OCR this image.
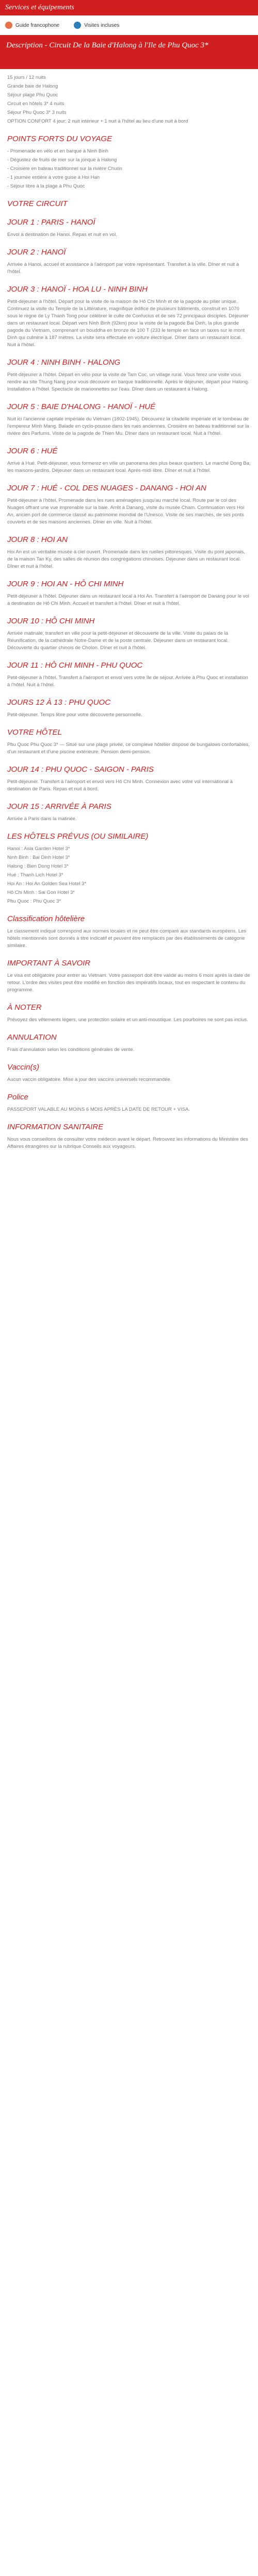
Services et équipements
Guide francophone	Visites incluses

Description - Circuit De la Baie d'Halong à l'Ile de Phu Quoc 3*

15 jours / 12 nuits

Grande baie de Halong

Séjour plage Phu Quoc

Circuit en hôtels 3* 4 nuits

Séjour Phu Quoc 3* 3 nuits

OPTION CONFORT 4 jour: 2 nuit intérieur + 1 nuit à l'hôtel au lieu d'une nuit à bord

POINTS FORTS DU VOYAGE

- Promenade en vélo et en barque à Ninh Binh

- Dégustez de fruits de mer sur la jonque à Halong

- Croisière en bateau traditionnel sur la rivière Chuon

- 1 journée entière à votre guise à Hoi Han

- Séjour libre à la plage à Phu Quoc

VOTRE CIRCUIT
JOUR 1 : PARIS - HANOÏ

Envol à destination de Hanoi. Repas et nuit en vol.

JOUR 2 : HANOÏ

Arrivée à Hanoi, accueil et assistance à l'aéroport par votre représentant. Transfert à la ville. Dîner et nuit à l'hôtel.

JOUR 3 : HANOÏ - HOA LU - NINH BINH

Petit-déjeuner à l'hôtel. Départ pour la visite de la maison de Hô Chi Minh et de la pagode au pilier unique. Continuez la visite du Temple de la Littérature, magnifique édifice de plusieurs bâtiments, construit en 1070 sous le règne de Ly Thanh Tong pour célébrer le culte de Confucius et de ses 72 principaux disciples. Déjeuner dans un restaurant local. Départ vers Ninh Binh (92km) pour la visite de la pagode Bai Dinh, la plus grande pagode du Vietnam, comprenant un bouddha en bronze de 100 T (233 le temple en face un taxes sur le mont Dinh qui culmine à 187 mètres. La visite sera effectuée en voiture électrique. Dîner dans un restaurant local. Nuit à l'hôtel.

JOUR 4 : NINH BINH - HALONG

Petit-déjeuner à l'hôtel. Départ en vélo pour la visite de Tam Coc, un village rural. Vous ferez une visite vous rendre au site Thung Nang pour vous découvrir en barque traditionnelle. Après le déjeuner, départ pour Halong. Installation à l'hôtel. Spectacle de marionnettes sur l'eau. Dîner dans un restaurant à Halong.

JOUR 5 : BAIE D'HALONG - HANOÏ - HUÉ

Nuit ici l'ancienne capitale impériale du Vietnam (1802-1945). Découvrez la citadelle impériale et le tombeau de l'empereur Minh Mang. Balade en cyclo-pousse dans les rues anciennes. Croisière en bateau traditionnel sur la rivière des Parfums. Visite de la pagode de Thien Mu. Dîner dans un restaurant local. Nuit à l'hôtel.

JOUR 6 : HUÉ

Arrivé à Hué. Petit-déjeuner, vous formerez en ville un panorama des plus beaux quartiers. Le marché Dong Ba, les maisons-jardins. Déjeuner dans un restaurant local. Après-midi libre. Dîner et nuit à l'hôtel.

JOUR 7 : HUÉ - COL DES NUAGES - DANANG - HOI AN

Petit-déjeuner à l'hôtel. Promenade dans les rues aménagées jusqu'au marché local. Route par le col des Nuages offrant une vue imprenable sur la baie. Arrêt à Danang, visite du musée Cham. Continuation vers Hoi An, ancien port de commerce classé au patrimoine mondial de l'Unesco. Visite de ses marchés, de ses ponts couverts et de ses maisons anciennes. Dîner en ville. Nuit à l'hôtel.

JOUR 8 : HOI AN

Hoi An est un véritable musée à ciel ouvert. Promenade dans les ruelles pittoresques. Visite du pont japonais, de la maison Tan Ky, des salles de réunion des congrégations chinoises. Déjeuner dans un restaurant local. Dîner et nuit à l'hôtel.

JOUR 9 : HOI AN - HÔ CHI MINH

Petit-déjeuner à l'hôtel. Déjeuner dans un restaurant local à Hoi An. Transfert à l'aéroport de Danang pour le vol à destination de Hô Chi Minh. Accueil et transfert à l'hôtel. Dîner et nuit à l'hôtel.

JOUR 10 : HÔ CHI MINH

Arrivée matinale, transfert en ville pour la petit-déjeuner et découverte de la ville. Visite du palais de la Réunification, de la cathédrale Notre-Dame et de la poste centrale. Déjeuner dans un restaurant local. Découverte du quartier chinois de Cholon. Dîner et nuit à l'hôtel.

JOUR 11 : HÔ CHI MINH - PHU QUOC

Petit-déjeuner à l'hôtel. Transfert à l'aéroport et envol vers votre île de séjour. Arrivée à Phu Quoc et installation à l'hôtel. Nuit à l'hôtel.

JOURS 12 À 13 : PHU QUOC

Petit-déjeuner. Temps libre pour votre découverte personnelle.

VOTRE HÔTEL

Phu Quoc Phu Quoc 3* — Situé sur une plage privée, ce complexe hôtelier dispose de bungalows confortables, d'un restaurant et d'une piscine extérieure. Pension demi-pension.

JOUR 14 : PHU QUOC - SAIGON - PARIS

Petit-déjeuner. Transfert à l'aéroport et envol vers Hô Chi Minh. Connexion avec votre vol international à destination de Paris. Repas et nuit à bord.

JOUR 15 : ARRIVÉE À PARIS

Arrivée à Paris dans la matinée.

LES HÔTELS PRÉVUS (OU SIMILAIRE)

Hanoi : Asia Garden Hotel 3*

Ninh Binh : Bai Dinh Hotel 3*

Halong : Bien Dong Hotel 3*

Hué : Thanh Lich Hotel 3*

Hoi An : Hoi An Golden Sea Hotel 3*

Hô Chi Minh : Sai Gon Hotel 3*

Phu Quoc : Phu Quoc 3*

Classification hôtelière

Le classement indiqué correspond aux normes locales et ne peut être comparé aux standards européens. Les hôtels mentionnés sont donnés à titre indicatif et peuvent être remplacés par des établissements de catégorie similaire.

IMPORTANT À SAVOIR

Le visa est obligatoire pour entrer au Vietnam. Votre passeport doit être valide au moins 6 mois après la date de retour. L'ordre des visites peut être modifié en fonction des impératifs locaux, tout en respectant le contenu du programme.

À NOTER

Prévoyez des vêtements légers, une protection solaire et un anti-moustique. Les pourboires ne sont pas inclus.

ANNULATION

Frais d'annulation selon les conditions générales de vente.

Vaccin(s)

Aucun vaccin obligatoire. Mise à jour des vaccins universels recommandée.

Police

PASSEPORT VALABLE AU MOINS 6 MOIS APRÈS LA DATE DE RETOUR + VISA.

INFORMATION SANITAIRE

Nous vous conseillons de consulter votre médecin avant le départ. Retrouvez les informations du Ministère des Affaires étrangères sur la rubrique Conseils aux voyageurs.
